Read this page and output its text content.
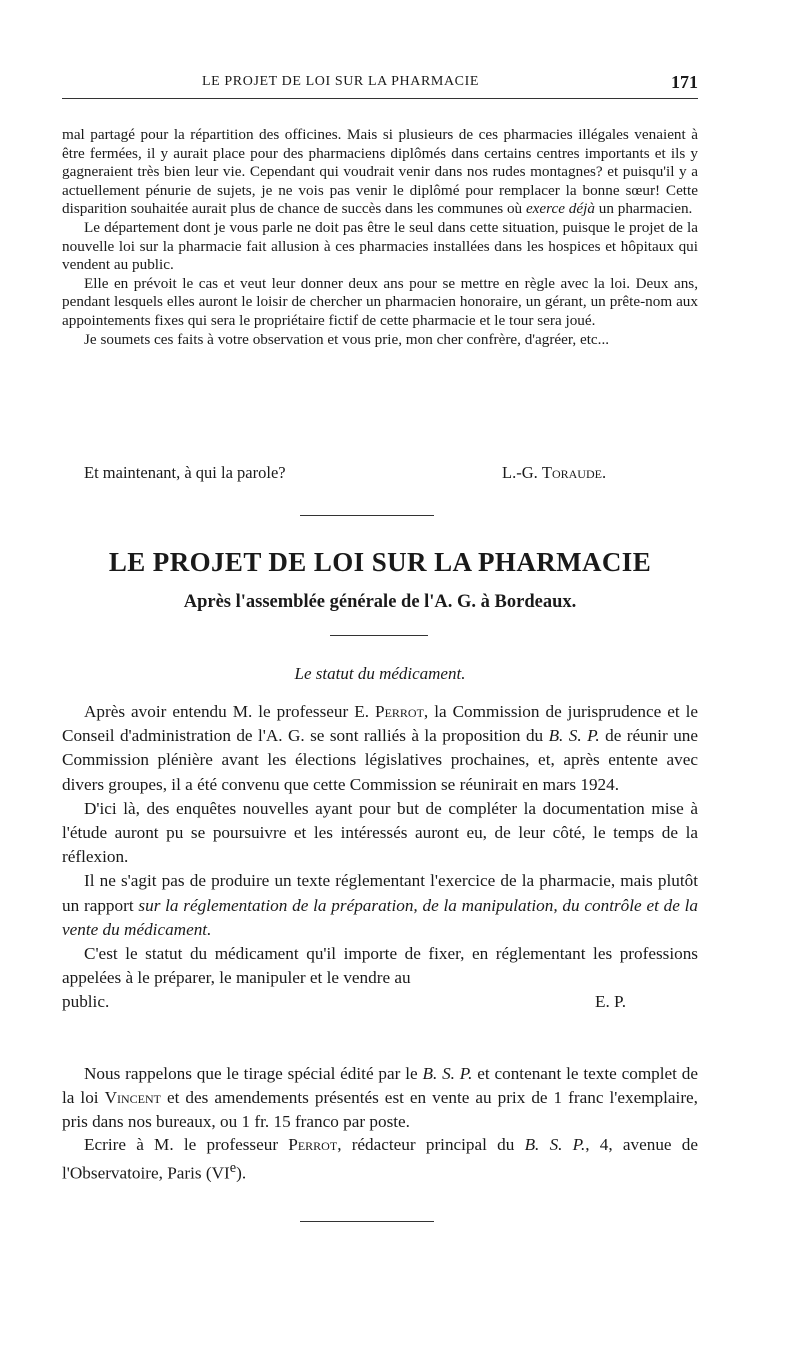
LE PROJET DE LOI SUR LA PHARMACIE	171

mal partagé pour la répartition des officines. Mais si plusieurs de ces pharmacies illégales venaient à être fermées, il y aurait place pour des pharmaciens diplômés dans certains centres importants et ils y gagneraient très bien leur vie. Cependant qui voudrait venir dans nos rudes montagnes? et puisqu'il y a actuellement pénurie de sujets, je ne vois pas venir le diplômé pour remplacer la bonne sœur! Cette disparition souhaitée aurait plus de chance de succès dans les communes où exerce déjà un pharmacien.

Le département dont je vous parle ne doit pas être le seul dans cette situation, puisque le projet de la nouvelle loi sur la pharmacie fait allusion à ces pharmacies installées dans les hospices et hôpitaux qui vendent au public.

Elle en prévoit le cas et veut leur donner deux ans pour se mettre en règle avec la loi. Deux ans, pendant lesquels elles auront le loisir de chercher un pharmacien honoraire, un gérant, un prête-nom aux appointements fixes qui sera le propriétaire fictif de cette pharmacie et le tour sera joué.

Je soumets ces faits à votre observation et vous prie, mon cher confrère, d'agréer, etc...

Et maintenant, à qui la parole?	L.-G. Toraude.
LE PROJET DE LOI SUR LA PHARMACIE
Après l'assemblée générale de l'A. G. à Bordeaux.
Le statut du médicament.

Après avoir entendu M. le professeur E. Perrot, la Commission de jurisprudence et le Conseil d'administration de l'A. G. se sont ralliés à la proposition du B. S. P. de réunir une Commission plénière avant les élections législatives prochaines, et, après entente avec divers groupes, il a été convenu que cette Commission se réunirait en mars 1924.

D'ici là, des enquêtes nouvelles ayant pour but de compléter la documentation mise à l'étude auront pu se poursuivre et les intéressés auront eu, de leur côté, le temps de la réflexion.

Il ne s'agit pas de produire un texte réglementant l'exercice de la pharmacie, mais plutôt un rapport sur la réglementation de la préparation, de la manipulation, du contrôle et de la vente du médicament.

C'est le statut du médicament qu'il importe de fixer, en réglementant les professions appelées à le préparer, le manipuler et le vendre au

public.	E. P.

Nous rappelons que le tirage spécial édité par le B. S. P. et contenant le texte complet de la loi Vincent et des amendements présentés est en vente au prix de 1 franc l'exemplaire, pris dans nos bureaux, ou 1 fr. 15 franco par poste.

Ecrire à M. le professeur Perrot, rédacteur principal du B. S. P., 4, avenue de l'Observatoire, Paris (VIe).
